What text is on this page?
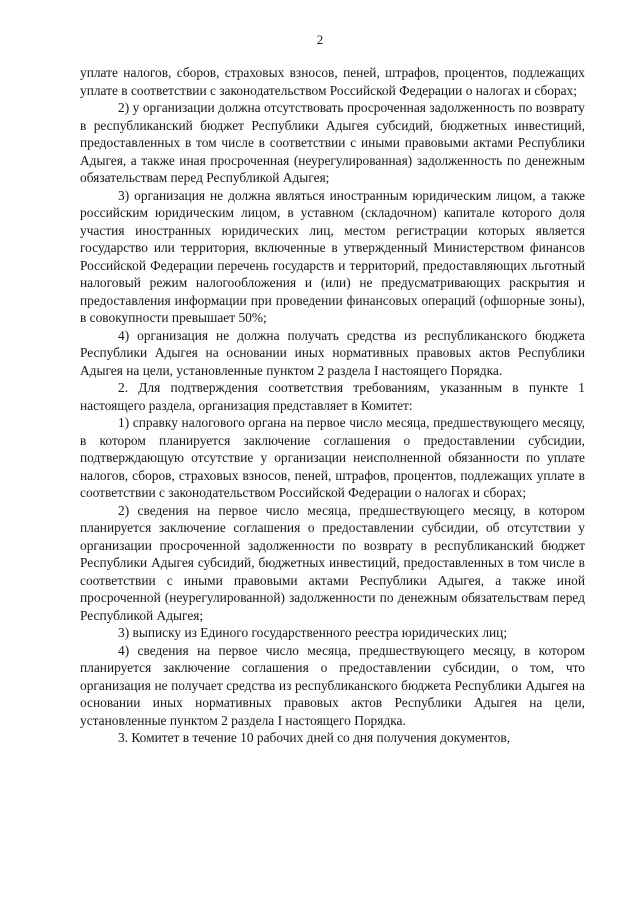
2

уплате налогов, сборов, страховых взносов, пеней, штрафов, процентов, подлежащих уплате в соответствии с законодательством Российской Федерации о налогах и сборах;

2) у организации должна отсутствовать просроченная задолженность по возврату в республиканский бюджет Республики Адыгея субсидий, бюджетных инвестиций, предоставленных в том числе в соответствии с иными правовыми актами Республики Адыгея, а также иная просроченная (неурегулированная) задолженность по денежным обязательствам перед Республикой Адыгея;

3) организация не должна являться иностранным юридическим лицом, а также российским юридическим лицом, в уставном (складочном) капитале которого доля участия иностранных юридических лиц, местом регистрации которых является государство или территория, включенные в утвержденный Министерством финансов Российской Федерации перечень государств и территорий, предоставляющих льготный налоговый режим налогообложения и (или) не предусматривающих раскрытия и предоставления информации при проведении финансовых операций (офшорные зоны), в совокупности превышает 50%;

4) организация не должна получать средства из республиканского бюджета Республики Адыгея на основании иных нормативных правовых актов Республики Адыгея на цели, установленные пунктом 2 раздела I настоящего Порядка.

2. Для подтверждения соответствия требованиям, указанным в пункте 1 настоящего раздела, организация представляет в Комитет:

1) справку налогового органа на первое число месяца, предшествующего месяцу, в котором планируется заключение соглашения о предоставлении субсидии, подтверждающую отсутствие у организации неисполненной обязанности по уплате налогов, сборов, страховых взносов, пеней, штрафов, процентов, подлежащих уплате в соответствии с законодательством Российской Федерации о налогах и сборах;

2) сведения на первое число месяца, предшествующего месяцу, в котором планируется заключение соглашения о предоставлении субсидии, об отсутствии у организации просроченной задолженности по возврату в республиканский бюджет Республики Адыгея субсидий, бюджетных инвестиций, предоставленных в том числе в соответствии с иными правовыми актами Республики Адыгея, а также иной просроченной (неурегулированной) задолженности по денежным обязательствам перед Республикой Адыгея;

3) выписку из Единого государственного реестра юридических лиц;

4) сведения на первое число месяца, предшествующего месяцу, в котором планируется заключение соглашения о предоставлении субсидии, о том, что организация не получает средства из республиканского бюджета Республики Адыгея на основании иных нормативных правовых актов Республики Адыгея на цели, установленные пунктом 2 раздела I настоящего Порядка.

3. Комитет в течение 10 рабочих дней со дня получения документов,
